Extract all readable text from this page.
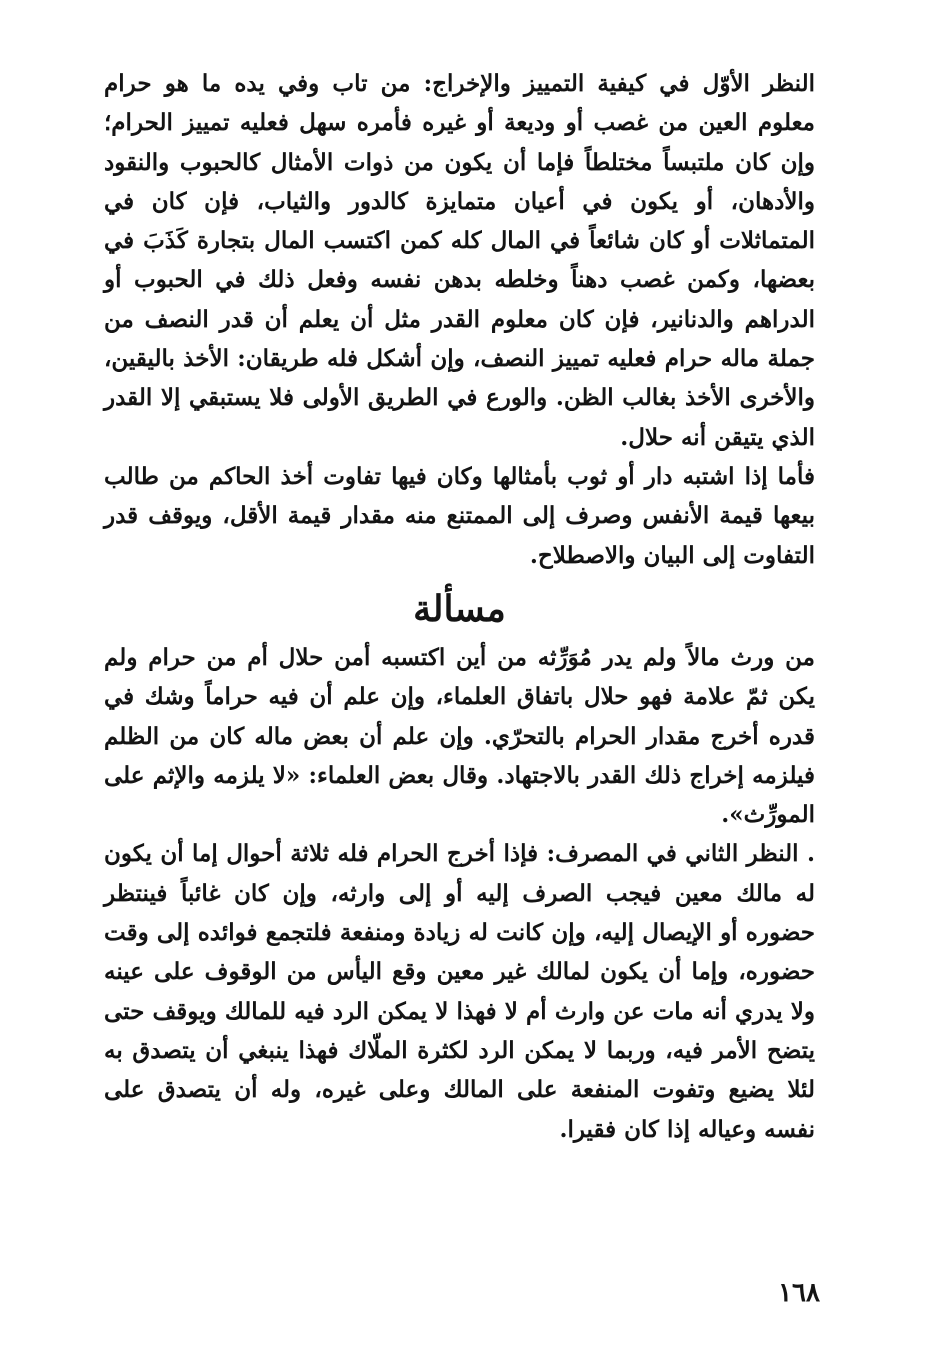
النظر الأوّل في كيفية التمييز والإخراج: من تاب وفي يده ما هو حرام معلوم العين من غصب أو وديعة أو غيره فأمره سهل فعليه تمييز الحرام؛ وإن كان ملتبساً مختلطاً فإما أن يكون من ذوات الأمثال كالحبوب والنقود والأدهان، أو يكون في أعيان متمايزة كالدور والثياب، فإن كان في المتماثلات أو كان شائعاً في المال كله كمن اكتسب المال بتجارة كَذَبَ في بعضها، وكمن غصب دهناً وخلطه بدهن نفسه وفعل ذلك في الحبوب أو الدراهم والدنانير، فإن كان معلوم القدر مثل أن يعلم أن قدر النصف من جملة ماله حرام فعليه تمييز النصف، وإن أشكل فله طريقان: الأخذ باليقين، والأخرى الأخذ بغالب الظن. والورع في الطريق الأولى فلا يستبقي إلا القدر الذي يتيقن أنه حلال.

فأما إذا اشتبه دار أو ثوب بأمثالها وكان فيها تفاوت أخذ الحاكم من طالب بيعها قيمة الأنفس وصرف إلى الممتنع منه مقدار قيمة الأقل، ويوقف قدر التفاوت إلى البيان والاصطلاح.

مسألة

من ورث مالاً ولم يدر مُوَرِّثه من أين اكتسبه أمن حلال أم من حرام ولم يكن ثمّ علامة فهو حلال باتفاق العلماء، وإن علم أن فيه حراماً وشك في قدره أخرج مقدار الحرام بالتحرّي. وإن علم أن بعض ماله كان من الظلم فيلزمه إخراج ذلك القدر بالاجتهاد. وقال بعض العلماء: «لا يلزمه والإثم على المورِّث».

. النظر الثاني في المصرف: فإذا أخرج الحرام فله ثلاثة أحوال إما أن يكون له مالك معين فيجب الصرف إليه أو إلى وارثه، وإن كان غائباً فينتظر حضوره أو الإيصال إليه، وإن كانت له زيادة ومنفعة فلتجمع فوائده إلى وقت حضوره، وإما أن يكون لمالك غير معين وقع اليأس من الوقوف على عينه ولا يدري أنه مات عن وارث أم لا فهذا لا يمكن الرد فيه للمالك ويوقف حتى يتضح الأمر فيه، وربما لا يمكن الرد لكثرة الملّاك فهذا ينبغي أن يتصدق به لئلا يضيع وتفوت المنفعة على المالك وعلى غيره، وله أن يتصدق على نفسه وعياله إذا كان فقيرا.

١٦٨
